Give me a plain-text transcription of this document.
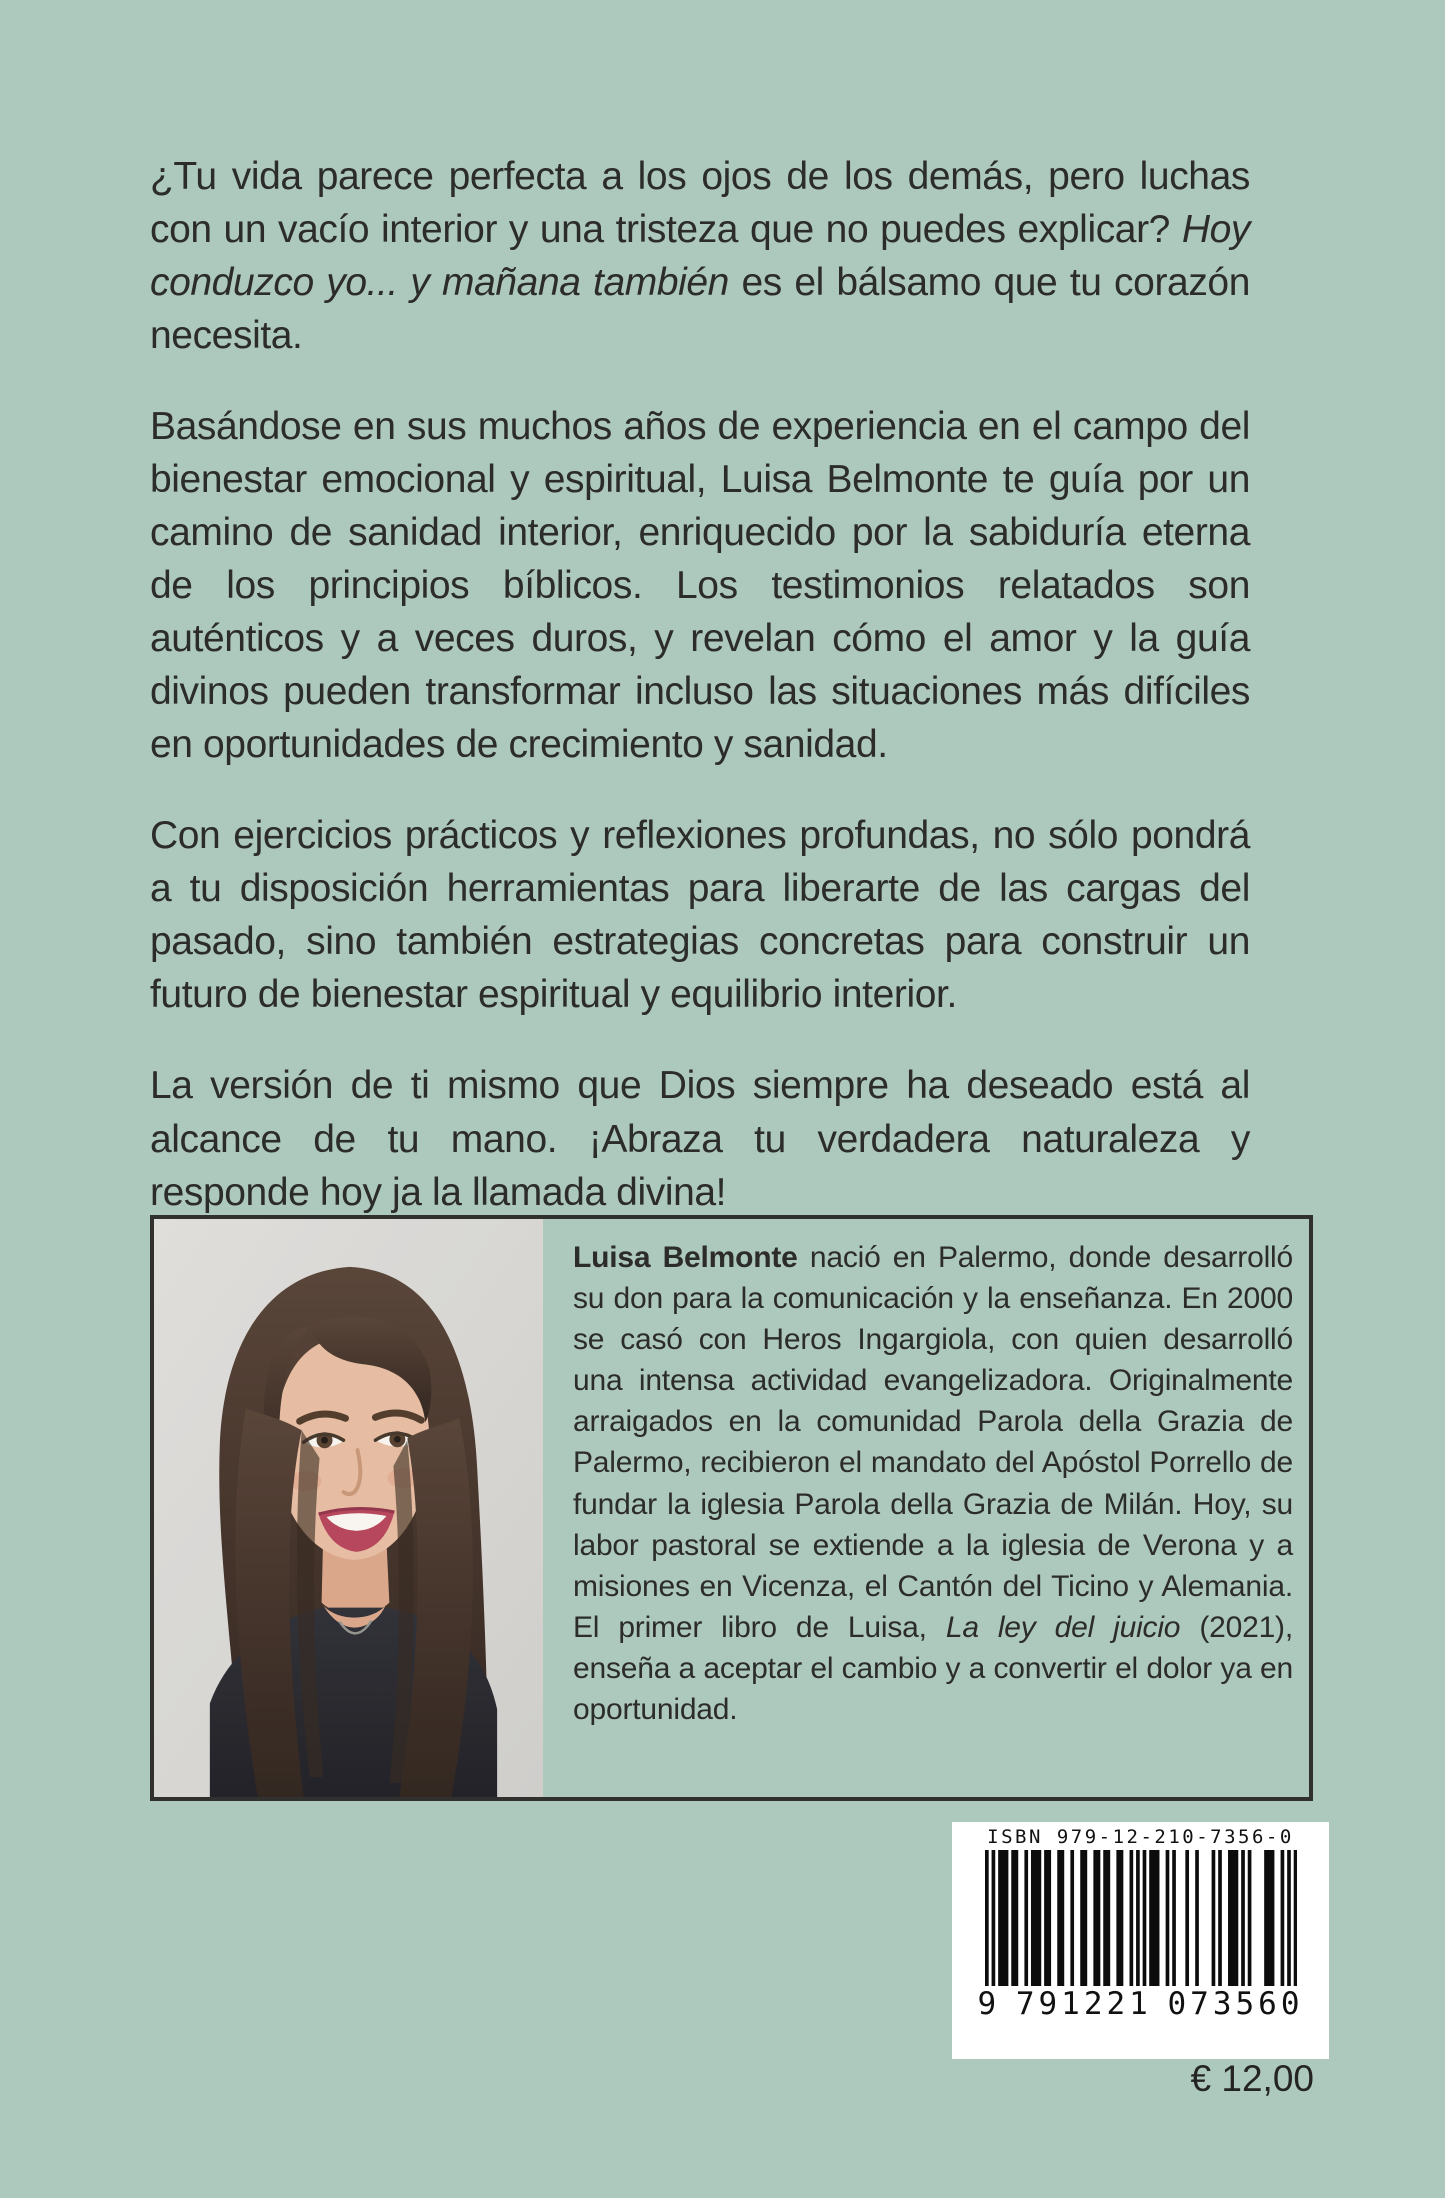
¿Tu vida parece perfecta a los ojos de los demás, pero luchas con un vacío interior y una tristeza que no puedes explicar? Hoy conduzco yo... y mañana también es el bálsamo que tu corazón necesita.

Basándose en sus muchos años de experiencia en el campo del bienestar emocional y espiritual, Luisa Belmonte te guía por un camino de sanidad interior, enriquecido por la sabiduría eterna de los principios bíblicos. Los testimonios relatados son auténticos y a veces duros, y revelan cómo el amor y la guía divinos pueden transformar incluso las situaciones más difíciles en oportunidades de crecimiento y sanidad.

Con ejercicios prácticos y reflexiones profundas, no sólo pondrá a tu disposición herramientas para liberarte de las cargas del pasado, sino también estrategias concretas para construir un futuro de bienestar espiritual y equilibrio interior.

La versión de ti mismo que Dios siempre ha deseado está al alcance de tu mano. ¡Abraza tu verdadera naturaleza y responde hoy ja la llamada divina!

Luisa Belmonte nació en Palermo, donde desarrolló su don para la comunicación y la enseñanza. En 2000 se casó con Heros Ingargiola, con quien desarrolló una intensa actividad evangelizadora. Originalmente arraigados en la comunidad Parola della Grazia de Palermo, recibieron el mandato del Apóstol Porrello de fundar la iglesia Parola della Grazia de Milán. Hoy, su labor pastoral se extiende a la iglesia de Verona y a misiones en Vicenza, el Cantón del Ticino y Alemania. El primer libro de Luisa, La ley del juicio (2021), enseña a aceptar el cambio y a convertir el dolor ya en oportunidad.
ISBN 979-12-210-7356-0
9 791221 073560
€ 12,00
